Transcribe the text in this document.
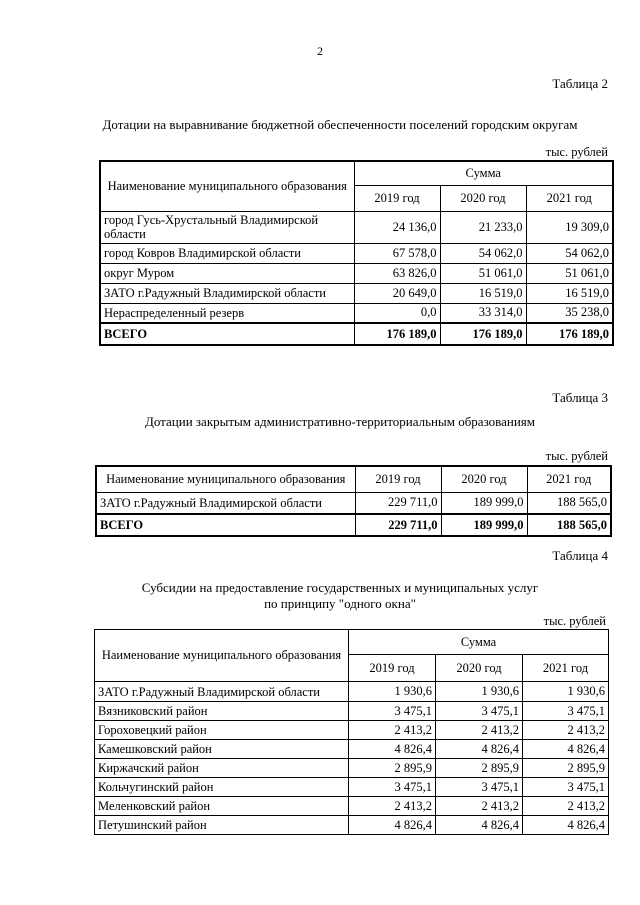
2
Таблица 2
Дотации на выравнивание бюджетной обеспеченности поселений городским округам
тыс. рублей
Наименование муниципального образования	Сумма		
	2019 год	2020 год	2021 год
город Гусь-Хрустальный Владимирской области	24 136,0	21 233,0	19 309,0
город Ковров Владимирской области	67 578,0	54 062,0	54 062,0
округ Муром	63 826,0	51 061,0	51 061,0
ЗАТО г.Радужный Владимирской области	20 649,0	16 519,0	16 519,0
Нераспределенный резерв	0,0	33 314,0	35 238,0
ВСЕГО	176 189,0	176 189,0	176 189,0
Таблица 3
Дотации закрытым административно-территориальным образованиям
тыс. рублей
Наименование муниципального образования	2019 год	2020 год	2021 год
ЗАТО г.Радужный Владимирской области	229 711,0	189 999,0	188 565,0
ВСЕГО	229 711,0	189 999,0	188 565,0
Таблица 4
Субсидии на предоставление государственных и муниципальных услуг
по принципу "одного окна"
тыс. рублей
Наименование муниципального образования	Сумма		
	2019 год	2020 год	2021 год
ЗАТО г.Радужный Владимирской области	1 930,6	1 930,6	1 930,6
Вязниковский район	3 475,1	3 475,1	3 475,1
Гороховецкий район	2 413,2	2 413,2	2 413,2
Камешковский район	4 826,4	4 826,4	4 826,4
Киржачский район	2 895,9	2 895,9	2 895,9
Кольчугинский район	3 475,1	3 475,1	3 475,1
Меленковский район	2 413,2	2 413,2	2 413,2
Петушинский район	4 826,4	4 826,4	4 826,4
